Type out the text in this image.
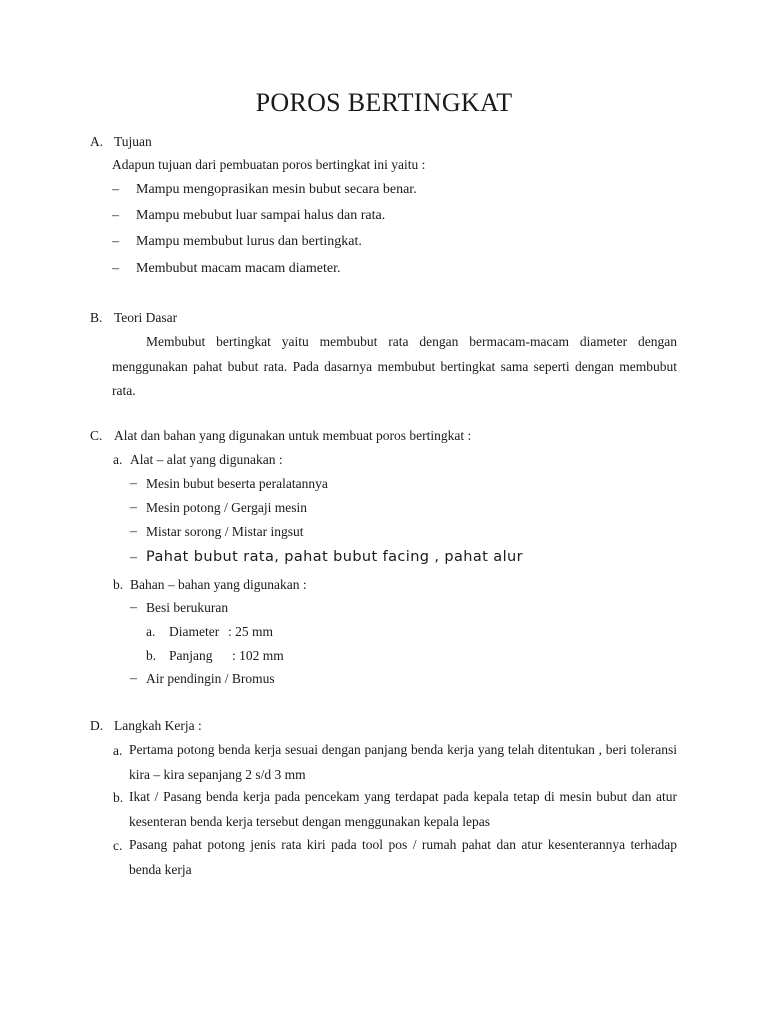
POROS BERTINGKAT
A. Tujuan
Adapun tujuan dari pembuatan poros bertingkat ini yaitu :
– Mampu mengoprasikan mesin bubut secara benar.
– Mampu mebubut luar sampai halus dan rata.
– Mampu membubut lurus dan bertingkat.
– Membubut macam macam diameter.
B. Teori Dasar
Membubut bertingkat yaitu membubut rata dengan bermacam-macam diameter dengan menggunakan pahat bubut rata. Pada dasarnya membubut bertingkat sama seperti dengan membubut rata.
C. Alat dan bahan yang digunakan untuk membuat poros bertingkat :
a. Alat – alat yang digunakan :
– Mesin bubut beserta peralatannya
– Mesin potong / Gergaji mesin
– Mistar sorong / Mistar ingsut
– Pahat bubut rata, pahat bubut facing , pahat alur
b. Bahan – bahan yang digunakan :
– Besi berukuran
a. Diameter : 25 mm
b. Panjang : 102 mm
– Air pendingin / Bromus
D. Langkah Kerja :
a. Pertama potong benda kerja sesuai dengan panjang benda kerja yang telah ditentukan , beri toleransi kira – kira sepanjang 2 s/d 3 mm
b. Ikat / Pasang benda kerja pada pencekam yang terdapat pada kepala tetap di mesin bubut dan atur kesenteran benda kerja tersebut dengan menggunakan kepala lepas
c. Pasang pahat potong jenis rata kiri pada tool pos / rumah pahat dan atur kesenterannya terhadap benda kerja
